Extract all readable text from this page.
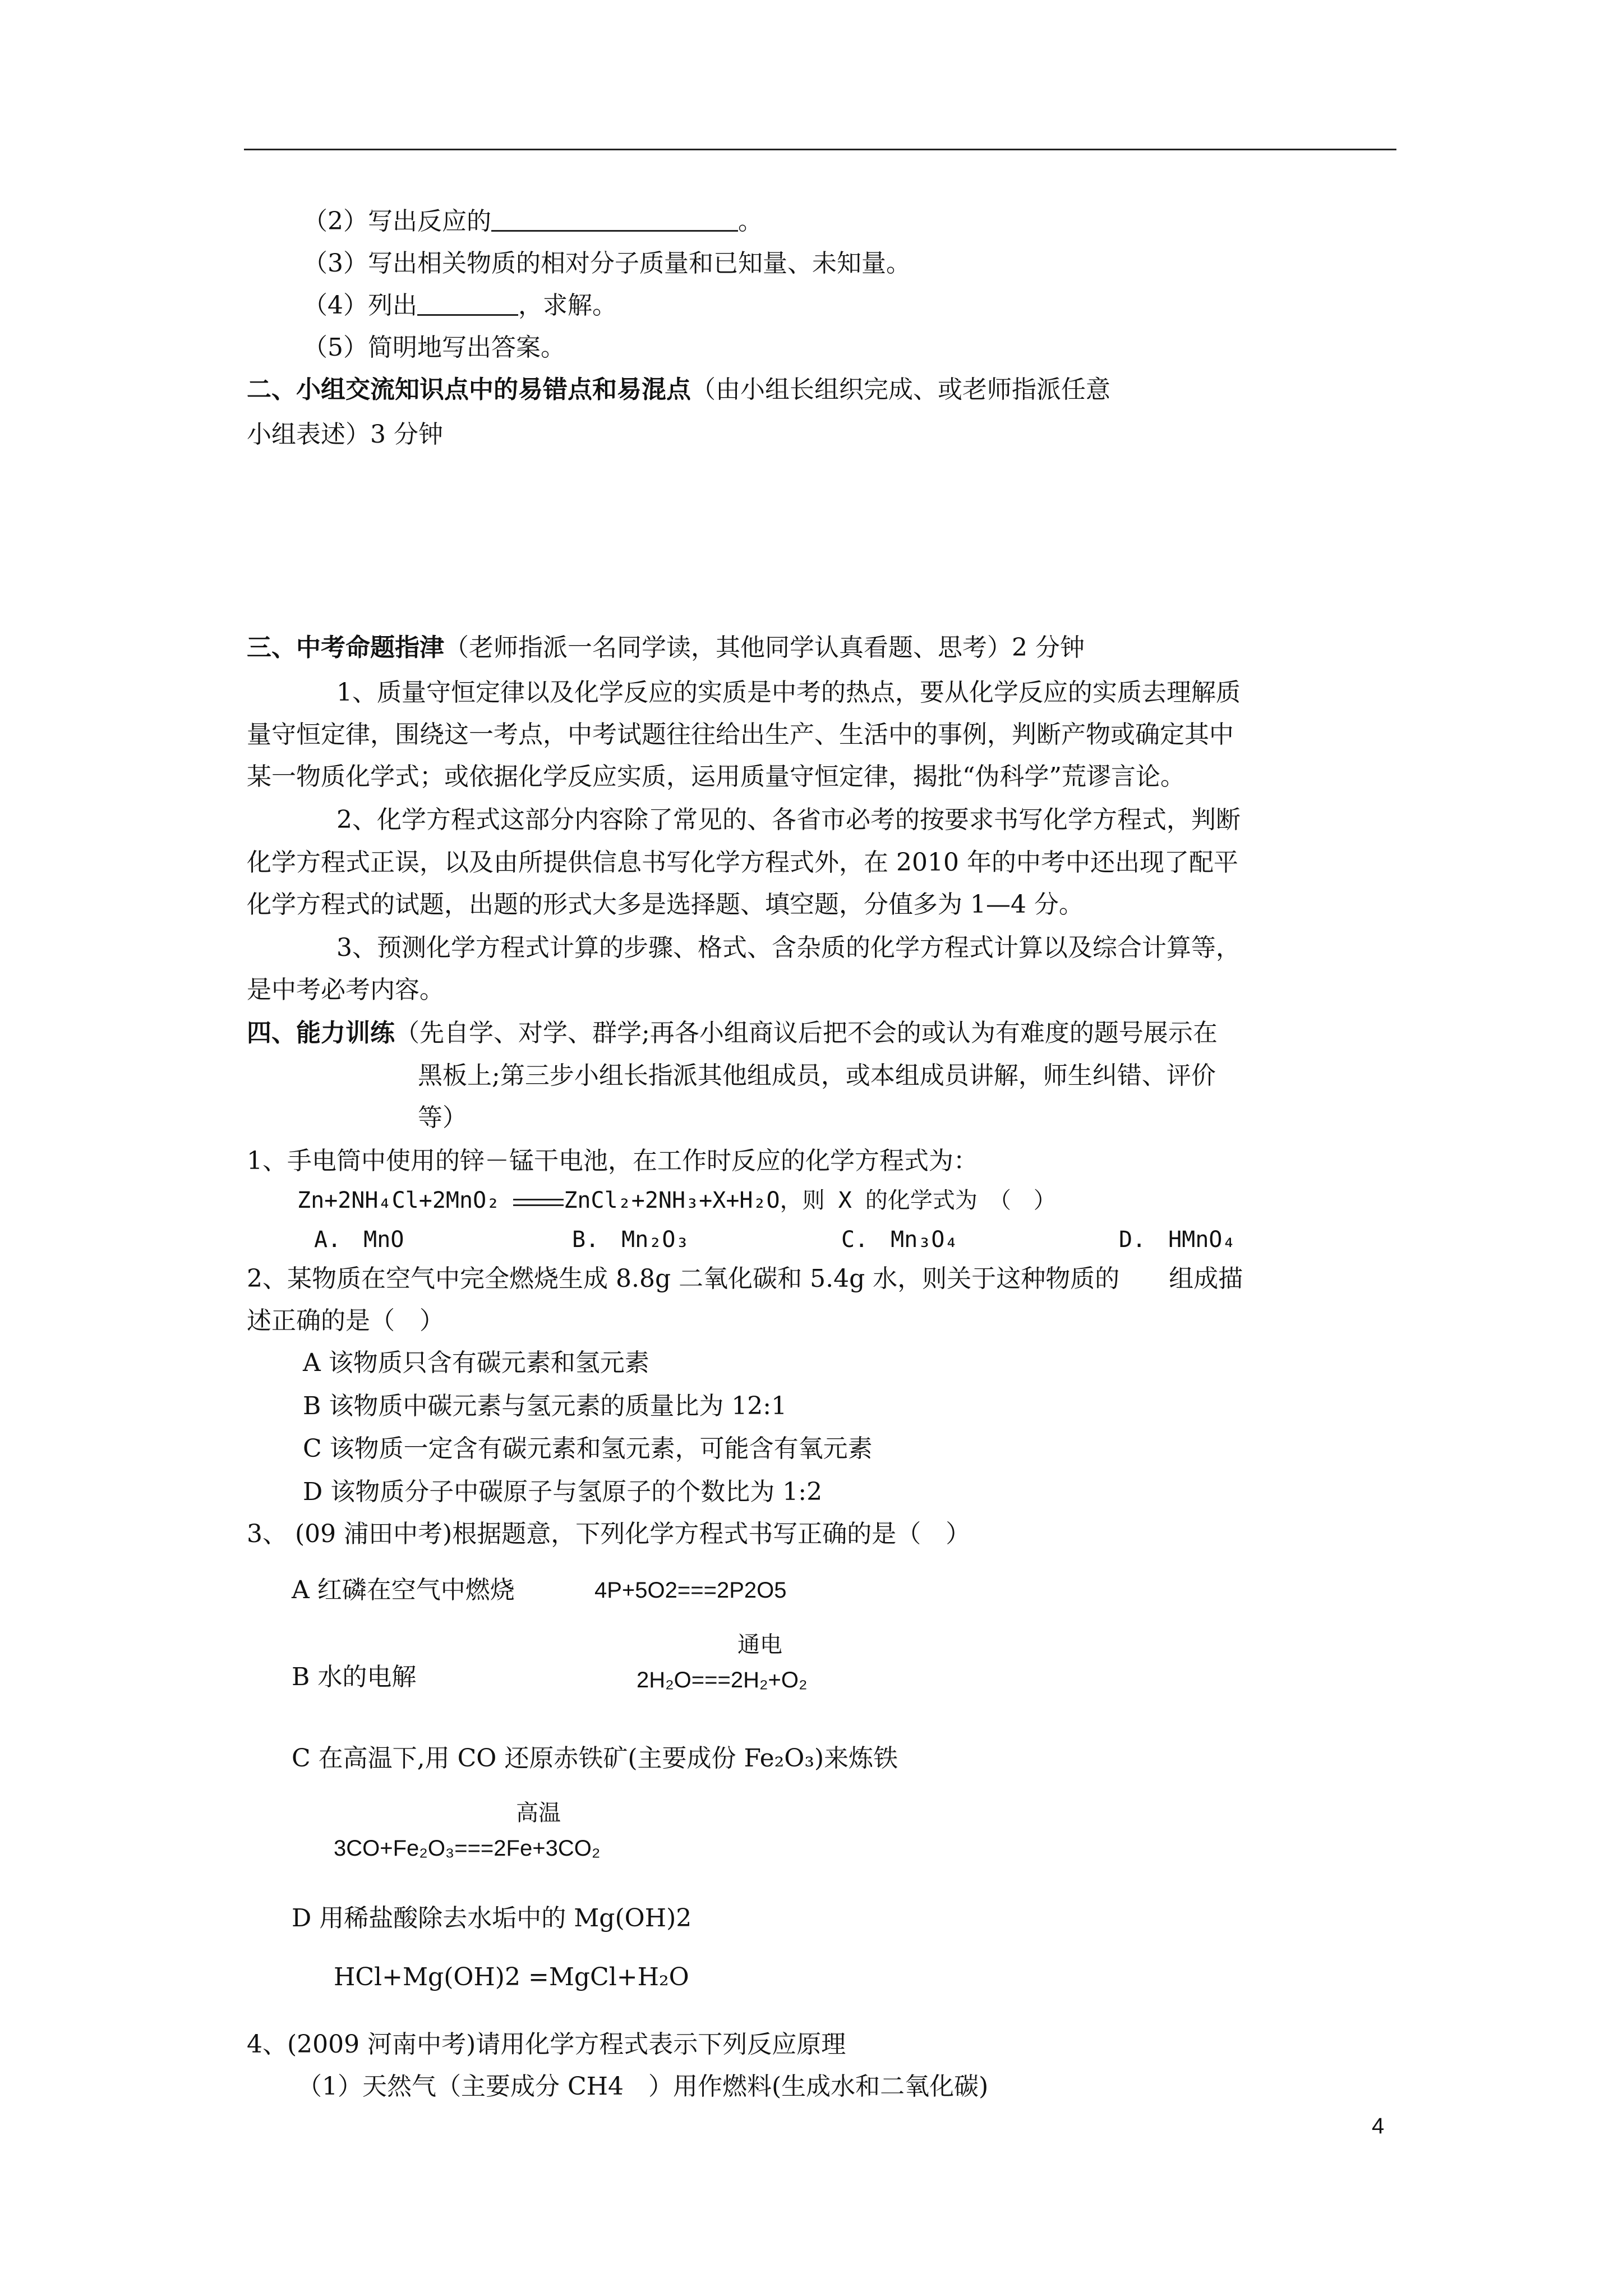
（2）写出反应的	。
（3）写出相关物质的相对分子质量和已知量、未知量。
（4）列出	，求解。
（5）简明地写出答案。
二、小组交流知识点中的易错点和易混点（由小组长组织完成、或老师指派任意
小组表述）3 分钟
三、中考命题指津（老师指派一名同学读，其他同学认真看题、思考）2 分钟
1、质量守恒定律以及化学反应的实质是中考的热点，要从化学反应的实质去理解质
量守恒定律，围绕这一考点，中考试题往往给出生产、生活中的事例，判断产物或确定其中
某一物质化学式；或依据化学反应实质，运用质量守恒定律，揭批“伪科学”荒谬言论。
2、化学方程式这部分内容除了常见的、各省市必考的按要求书写化学方程式，判断
化学方程式正误，以及由所提供信息书写化学方程式外，在 2010 年的中考中还出现了配平
化学方程式的试题，出题的形式大多是选择题、填空题，分值多为 1—4 分。
3、预测化学方程式计算的步骤、格式、含杂质的化学方程式计算以及综合计算等，
是中考必考内容。
四、能力训练（先自学、对学、群学;再各小组商议后把不会的或认为有难度的题号展示在
黑板上;第三步小组长指派其他组成员，或本组成员讲解，师生纠错、评价
等）
1、手电筒中使用的锌－锰干电池，在工作时反应的化学方程式为：
Zn+2NH₄Cl+2MnO₂	ZnCl₂+2NH₃+X+H₂O，则 X 的化学式为　（　）
A.　MnO	B.　Mn₂O₃	C.　Mn₃O₄	D.　HMnO₄
2、某物质在空气中完全燃烧生成 8.8g 二氧化碳和 5.4g 水，则关于这种物质的　　组成描
述正确的是（　）
A 该物质只含有碳元素和氢元素
B 该物质中碳元素与氢元素的质量比为 12:1
C 该物质一定含有碳元素和氢元素，可能含有氧元素
D 该物质分子中碳原子与氢原子的个数比为 1:2
3、 (09 浦田中考)根据题意，下列化学方程式书写正确的是（　）
A 红磷在空气中燃烧	4P+5O2===2P2O5
通电
B 水的电解	2H₂O===2H₂+O₂
C 在高温下,用 CO 还原赤铁矿(主要成份 Fe₂O₃)来炼铁
高温
3CO+Fe₂O₃===2Fe+3CO₂
D 用稀盐酸除去水垢中的 Mg(OH)2
HCl+Mg(OH)2 =MgCl+H₂O
4、(2009 河南中考)请用化学方程式表示下列反应原理
（1）天然气（主要成分 CH4　）用作燃料(生成水和二氧化碳)
4
